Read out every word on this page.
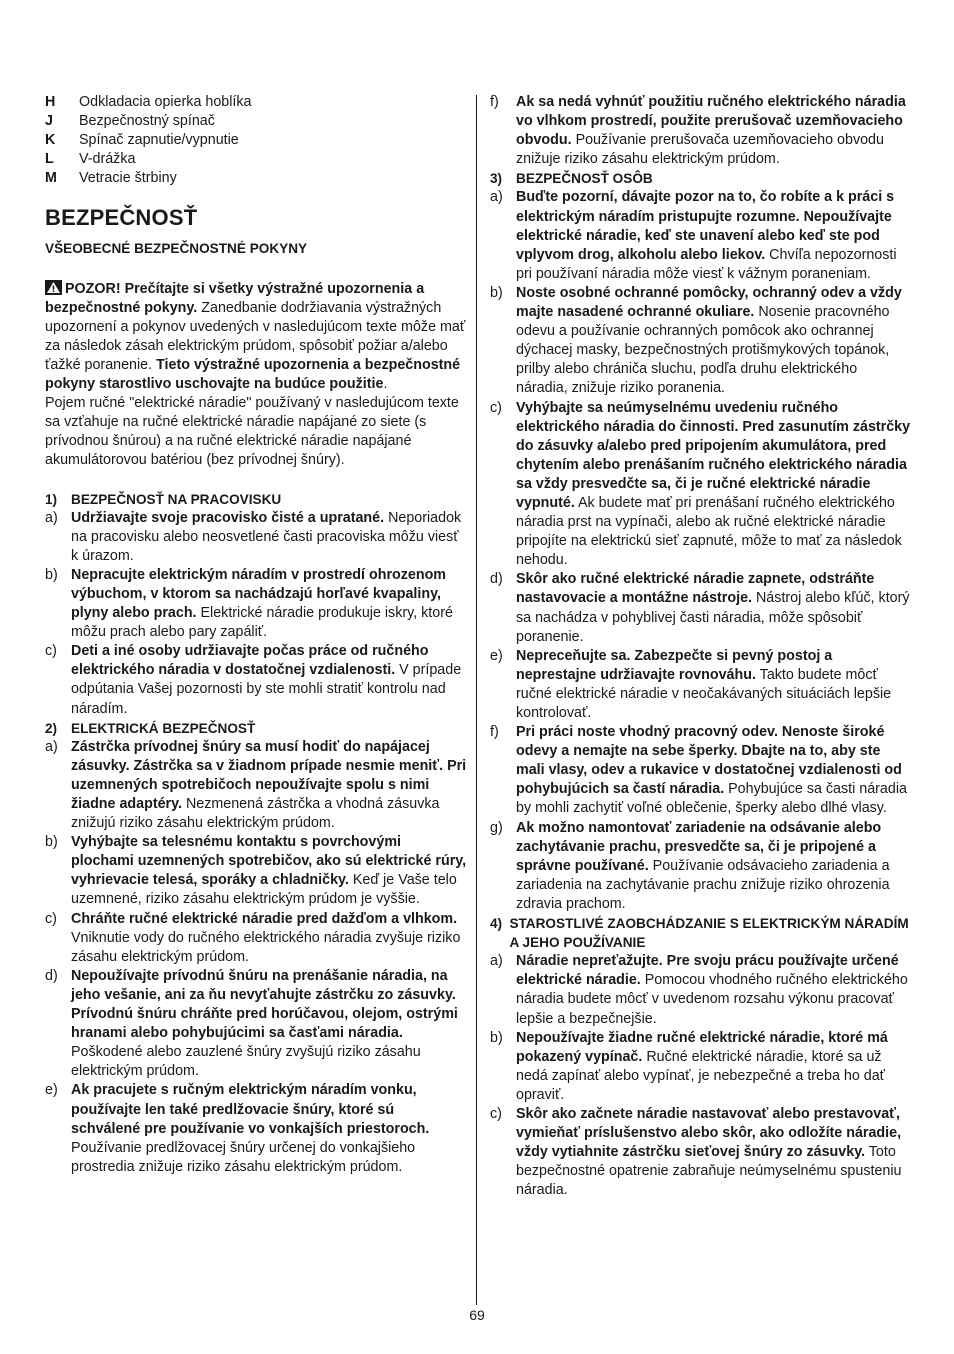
H	Odkladacia opierka hoblíka
J	Bezpečnostný spínač
K	Spínač zapnutie/vypnutie
L	V-drážka
M	Vetracie štrbiny
BEZPEČNOSŤ
VŠEOBECNÉ BEZPEČNOSTNÉ POKYNY

POZOR! Prečítajte si všetky výstražné upozornenia a bezpečnostné pokyny. Zanedbanie dodržiavania výstražných upozornení a pokynov uvedených v nasledujúcom texte môže mať za následok zásah elektrickým prúdom, spôsobiť požiar a/alebo ťažké poranenie. Tieto výstražné upozornenia a bezpečnostné pokyny starostlivo uschovajte na budúce použitie.

Pojem ručné "elektrické náradie" používaný v nasledujúcom texte sa vzťahuje na ručné elektrické náradie napájané zo siete (s prívodnou šnúrou) a na ručné elektrické náradie napájané akumulátorovou batériou (bez prívodnej šnúry).

1)	BEZPEČNOSŤ NA PRACOVISKU
a) Udržiavajte svoje pracovisko čisté a upratané. Neporiadok na pracovisku alebo neosvetlené časti pracoviska môžu viesť k úrazom.
b) Nepracujte elektrickým náradím v prostredí ohrozenom výbuchom, v ktorom sa nachádzajú horľavé kvapaliny, plyny alebo prach. Elektrické náradie produkuje iskry, ktoré môžu prach alebo pary zapáliť.
c) Deti a iné osoby udržiavajte počas práce od ručného elektrického náradia v dostatočnej vzdialenosti. V prípade odpútania Vašej pozornosti by ste mohli stratiť kontrolu nad náradím.
2)	ELEKTRICKÁ BEZPEČNOSŤ
a) Zástrčka prívodnej šnúry sa musí hodiť do napájacej zásuvky. Zástrčka sa v žiadnom prípade nesmie meniť. Pri uzemnených spotrebičoch nepoužívajte spolu s nimi žiadne adaptéry. Nezmenená zástrčka a vhodná zásuvka znižujú riziko zásahu elektrickým prúdom.
b) Vyhýbajte sa telesnému kontaktu s povrchovými plochami uzemnených spotrebičov, ako sú elektrické rúry, vyhrievacie telesá, sporáky a chladničky. Keď je Vaše telo uzemnené, riziko zásahu elektrickým prúdom je vyššie.
c) Chráňte ručné elektrické náradie pred dažďom a vlhkom. Vniknutie vody do ručného elektrického náradia zvyšuje riziko zásahu elektrickým prúdom.
d) Nepoužívajte prívodnú šnúru na prenášanie náradia, na jeho vešanie, ani za ňu nevyťahujte zástrčku zo zásuvky. Prívodnú šnúru chráňte pred horúčavou, olejom, ostrými hranami alebo pohybujúcimi sa časťami náradia. Poškodené alebo zauzlené šnúry zvyšujú riziko zásahu elektrickým prúdom.
e) Ak pracujete s ručným elektrickým náradím vonku, používajte len také predlžovacie šnúry, ktoré sú schválené pre používanie vo vonkajších priestoroch. Používanie predlžovacej šnúry určenej do vonkajšieho prostredia znižuje riziko zásahu elektrickým prúdom.
f)	Ak sa nedá vyhnúť použitiu ručného elektrického náradia vo vlhkom prostredí, použite prerušovač uzemňovacieho obvodu. Používanie prerušovača uzemňovacieho obvodu znižuje riziko zásahu elektrickým prúdom.
3)	BEZPEČNOSŤ OSÔB
a) Buďte pozorní, dávajte pozor na to, čo robíte a k práci s elektrickým náradím pristupujte rozumne. Nepoužívajte elektrické náradie, keď ste unavení alebo keď ste pod vplyvom drog, alkoholu alebo liekov. Chvíľa nepozornosti pri používaní náradia môže viesť k vážnym poraneniam.
b) Noste osobné ochranné pomôcky, ochranný odev a vždy majte nasadené ochranné okuliare. Nosenie pracovného odevu a používanie ochranných pomôcok ako ochrannej dýchacej masky, bezpečnostných protišmykových topánok, prilby alebo chrániča sluchu, podľa druhu elektrického náradia, znižuje riziko poranenia.
c) Vyhýbajte sa neúmyselnému uvedeniu ručného elektrického náradia do činnosti. Pred zasunutím zástrčky do zásuvky a/alebo pred pripojením akumulátora, pred chytením alebo prenášaním ručného elektrického náradia sa vždy presvedčte sa, či je ručné elektrické náradie vypnuté. Ak budete mať pri prenášaní ručného elektrického náradia prst na vypínači, alebo ak ručné elektrické náradie pripojíte na elektrickú sieť zapnuté, môže to mať za následok nehodu.
d) Skôr ako ručné elektrické náradie zapnete, odstráňte nastavovacie a montážne nástroje. Nástroj alebo kľúč, ktorý sa nachádza v pohyblivej časti náradia, môže spôsobiť poranenie.
e) Nepreceňujte sa. Zabezpečte si pevný postoj a neprestajne udržiavajte rovnováhu. Takto budete môcť ručné elektrické náradie v neočakávaných situáciách lepšie kontrolovať.
f)	Pri práci noste vhodný pracovný odev. Nenoste široké odevy a nemajte na sebe šperky. Dbajte na to, aby ste mali vlasy, odev a rukavice v dostatočnej vzdialenosti od pohybujúcich sa častí náradia. Pohybujúce sa časti náradia by mohli zachytiť voľné oblečenie, šperky alebo dlhé vlasy.
g) Ak možno namontovať zariadenie na odsávanie alebo zachytávanie prachu, presvedčte sa, či je pripojené a správne používané. Používanie odsávacieho zariadenia a zariadenia na zachytávanie prachu znižuje riziko ohrozenia zdravia prachom.
4) STAROSTLIVÉ ZAOBCHÁDZANIE S ELEKTRICKÝM NÁRADÍM A JEHO POUŽÍVANIE
a) Náradie nepreťažujte. Pre svoju prácu používajte určené elektrické náradie. Pomocou vhodného ručného elektrického náradia budete môcť v uvedenom rozsahu výkonu pracovať lepšie a bezpečnejšie.
b) Nepoužívajte žiadne ručné elektrické náradie, ktoré má pokazený vypínač. Ručné elektrické náradie, ktoré sa už nedá zapínať alebo vypínať, je nebezpečné a treba ho dať opraviť.
c) Skôr ako začnete náradie nastavovať alebo prestavovať, vymieňať príslušenstvo alebo skôr, ako odložíte náradie, vždy vytiahnite zástrčku sieťovej šnúry zo zásuvky. Toto bezpečnostné opatrenie zabraňuje neúmyselnému spusteniu náradia.
69
